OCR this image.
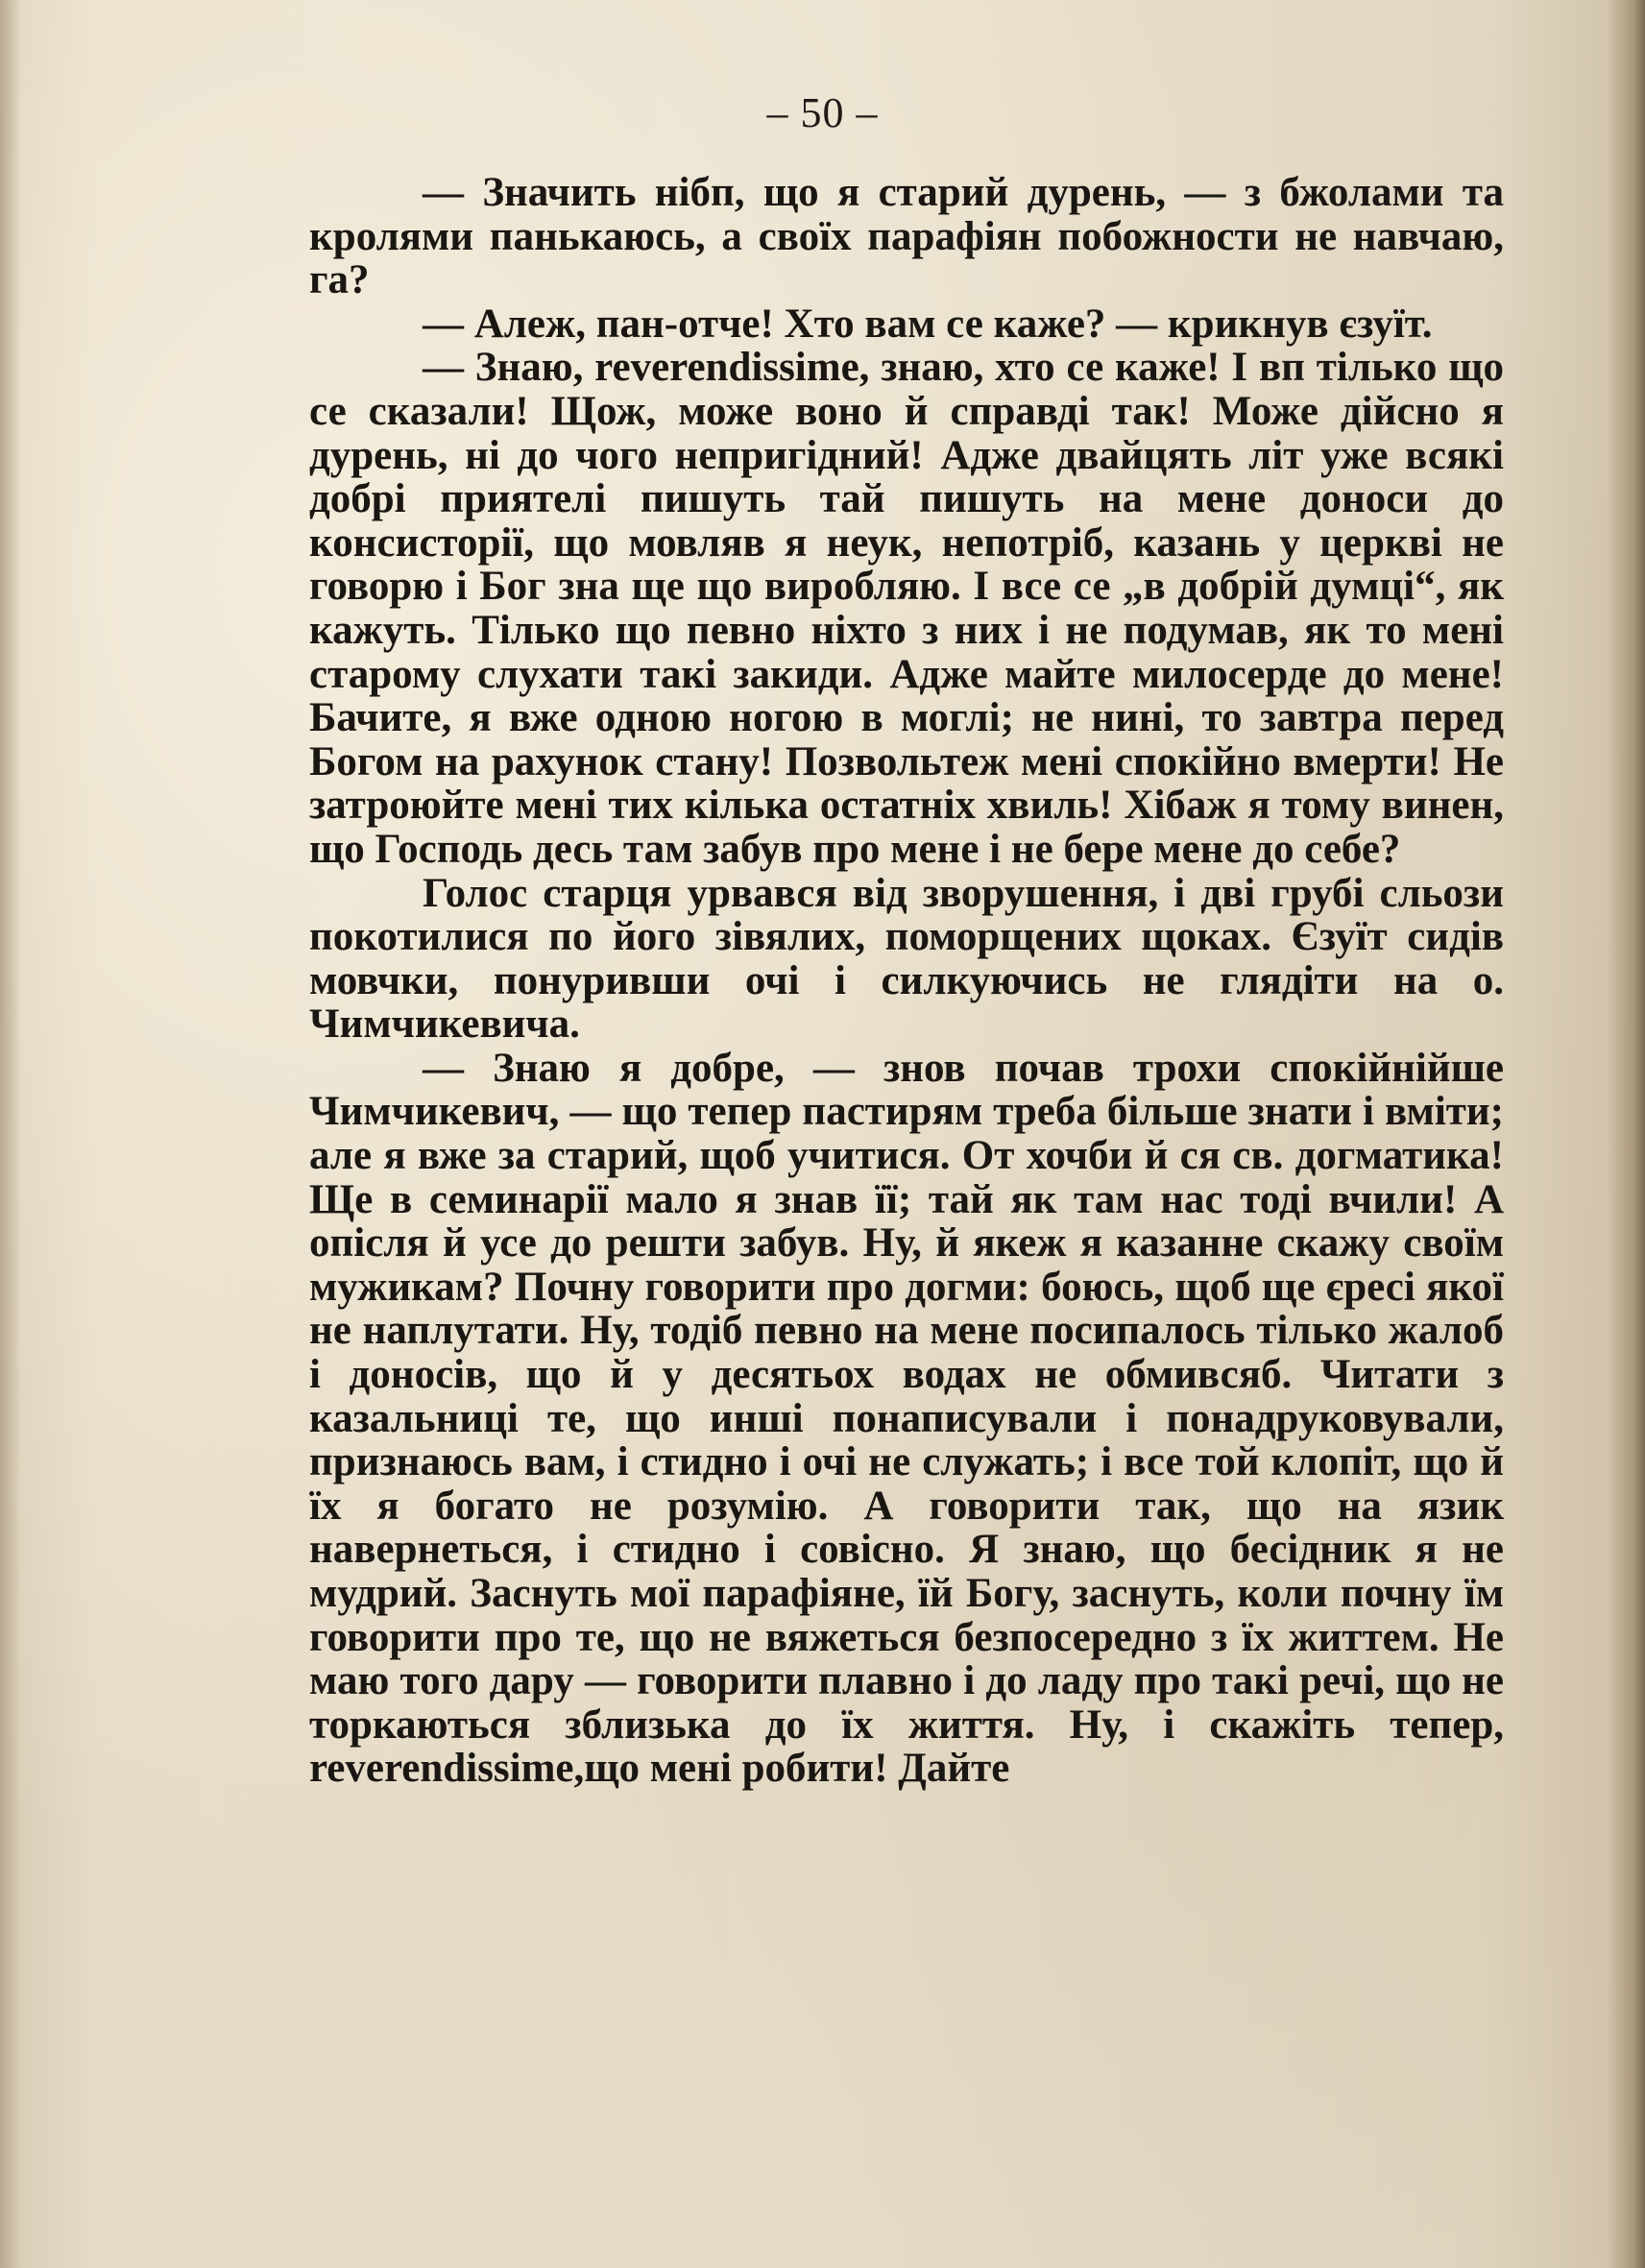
– 50 –

–– Значить нібп, що я старий дурень, — з бжолами та кролями панькаюсь, а своїх парафіян побожности не навчаю, га?

— Алеж, пан-отче! Хто вам се каже? — крикнув єзуїт.

— Знаю, reverendissime, знаю, хто се каже! І вп тілько що се сказали! Щож, може воно й справді так! Може дійсно я дурень, ні до чого непригідний! Адже двайцять літ уже всякі добрі приятелі пишуть тай пишуть на мене доноси до консисторії, що мовляв я неук, непотріб, казань у церкві не говорю і Бог зна ще що виробляю. І все се „в добрій думці“, як кажуть. Тілько що певно ніхто з них і не подумав, як то мені старому слухати такі закиди. Адже майте милосерде до мене! Бачите, я вже одною ногою в моглі; не нині, то завтра перед Богом на рахунок стану! Позвольтеж мені спокійно вмерти! Не затроюйте мені тих кілька остатніх хвиль! Хібаж я тому винен, що Господь десь там забув про мене і не бере мене до себе?

Голос старця урвався від зворушення, і дві грубі сльози покотилися по його зівялих, поморщених щоках. Єзуїт сидів мовчки, понуривши очі і силкуючись не глядіти на о. Чимчикевича.

— Знаю я добре, — знов почав трохи спокійнійше Чимчикевич, — що тепер пастирям треба більше знати і вміти; але я вже за старий, щоб учитися. От хочби й ся св. догматика! Ще в семинарії мало я знав її; тай як там нас тоді вчили! А опісля й усе до решти забув. Ну, й якеж я казанне скажу своїм мужикам? Почну говорити про догми: боюсь, щоб ще єресі якої не наплутати. Ну, тодіб певно на мене посипалось тілько жалоб і доносів, що й у десятьох водах не обмивсяб. Читати з казальниці те, що инші понаписували і понадруковували, признаюсь вам, і стидно і очі не служать; і все той клопіт, що й їх я богато не розумію. А говорити так, що на язик навернеться, і стидно і совісно. Я знаю, що бесідник я не мудрий. Заснуть мої парафіяне, їй Богу, заснуть, коли почну їм говорити про те, що не вяжеться безпосередно з їх життем. Не маю того дару — говорити плавно і до ладу про такі речі, що не торкаються зблизька до їх життя. Ну, і скажіть тепер, reverendissime,що мені робити! Дайте
